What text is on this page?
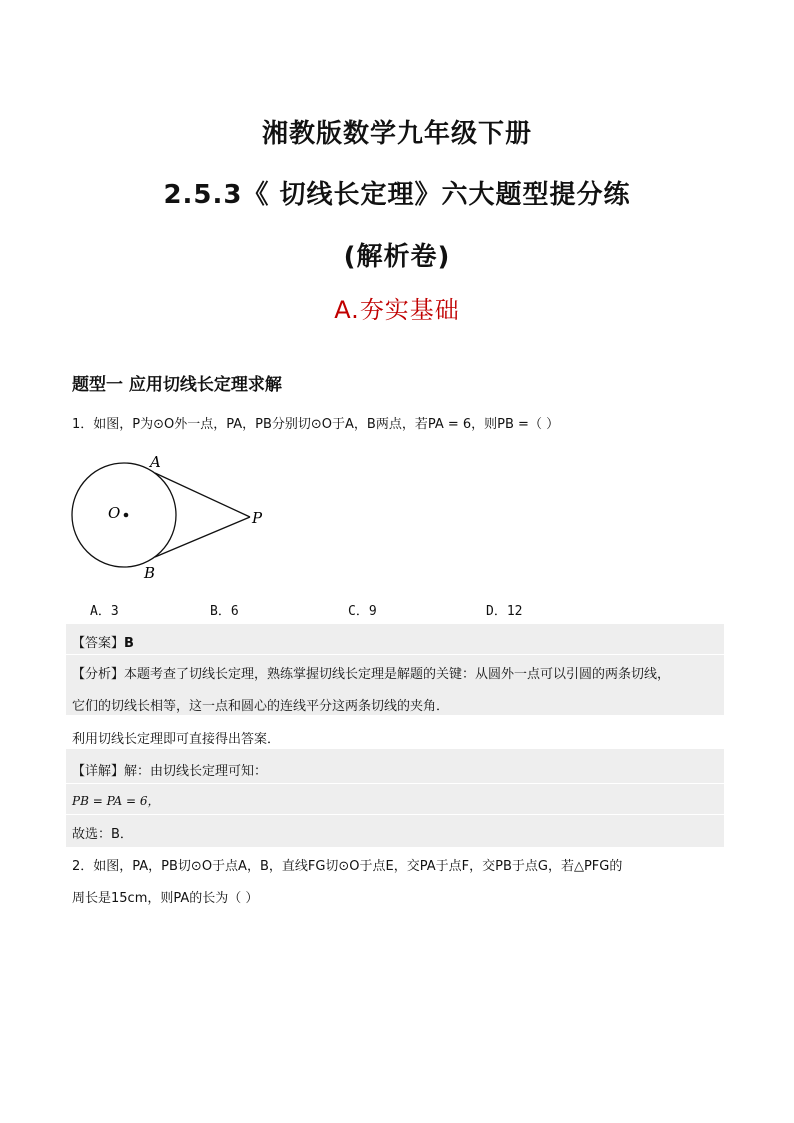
湘教版数学九年级下册
2.5.3《 切线长定理》六大题型提分练
(解析卷)
A.夯实基础
题型一 应用切线长定理求解
1．如图，P为⊙O外一点，PA，PB分别切⊙O于A，B两点，若PA = 6，则PB =（ ）
A
B
O	P
A．3	B．6	C．9	D．12
【答案】B
【分析】本题考查了切线长定理，熟练掌握切线长定理是解题的关键：从圆外一点可以引圆的两条切线，
它们的切线长相等，这一点和圆心的连线平分这两条切线的夹角．
利用切线长定理即可直接得出答案．
【详解】解：由切线长定理可知：
PB = PA = 6，
故选：B．
2．如图，PA，PB切⊙O于点A，B，直线FG切⊙O于点E，交PA于点F，交PB于点G，若△PFG的
周长是15cm，则PA的长为（ ）
